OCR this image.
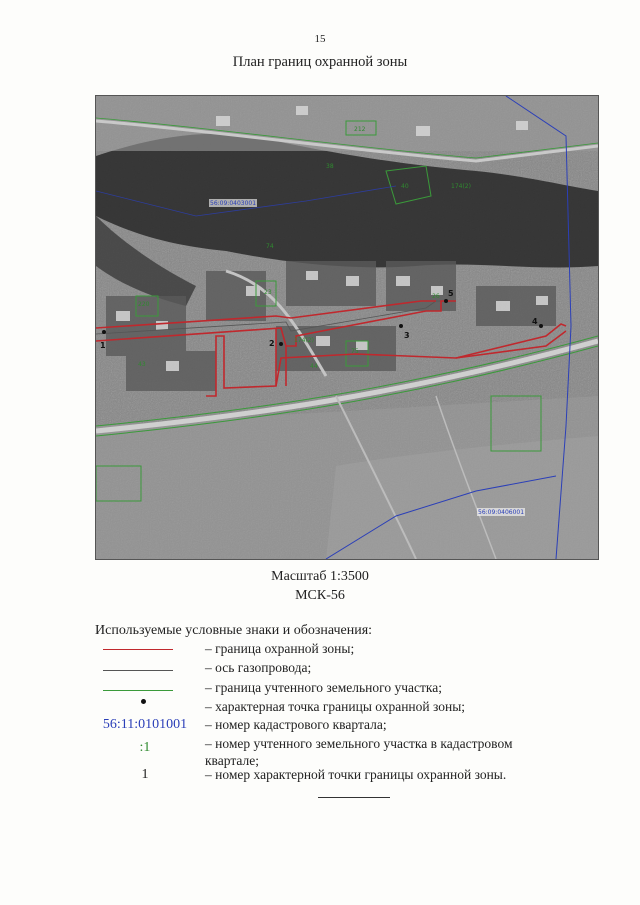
15
План границ охранной зоны
56:09:0403001
56:09:0406001
212
40	174(2)
38
220
74
174(2)
75
44
43
23
26
1	2
3
4
5
Масштаб 1:3500
МСК-56
Используемые условные знаки и обозначения:
– граница охранной зоны;
– ось газопровода;
– граница учтенного земельного участка;
– характерная точка границы охранной зоны;
56:11:0101001	– номер кадастрового квартала;
:1	– номер учтенного земельного участка в кадастровом квартале;
1	– номер характерной точки границы охранной зоны.
